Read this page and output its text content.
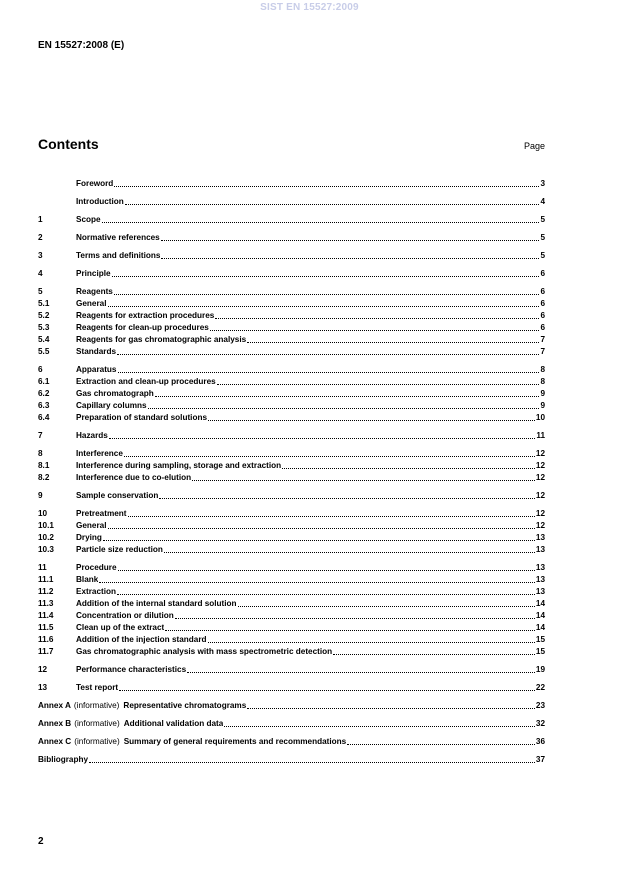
SIST EN 15527:2009
EN 15527:2008 (E)
Contents	Page
Foreword	3
Introduction	4
1	Scope	5
2	Normative references	5
3	Terms and definitions	5
4	Principle	6
5	Reagents	6
5.1	General	6
5.2	Reagents for extraction procedures	6
5.3	Reagents for clean-up procedures	6
5.4	Reagents for gas chromatographic analysis	7
5.5	Standards	7
6	Apparatus	8
6.1	Extraction and clean-up procedures	8
6.2	Gas chromatograph	9
6.3	Capillary columns	9
6.4	Preparation of standard solutions	10
7	Hazards	11
8	Interference	12
8.1	Interference during sampling, storage and extraction	12
8.2	Interference due to co-elution	12
9	Sample conservation	12
10	Pretreatment	12
10.1	General	12
10.2	Drying	13
10.3	Particle size reduction	13
11	Procedure	13
11.1	Blank	13
11.2	Extraction	13
11.3	Addition of the internal standard solution	14
11.4	Concentration or dilution	14
11.5	Clean up of the extract	14
11.6	Addition of the injection standard	15
11.7	Gas chromatographic analysis with mass spectrometric detection	15
12	Performance characteristics	19
13	Test report	22
Annex A (informative) Representative chromatograms	23
Annex B (informative) Additional validation data	32
Annex C (informative) Summary of general requirements and recommendations	36
Bibliography	37
2
